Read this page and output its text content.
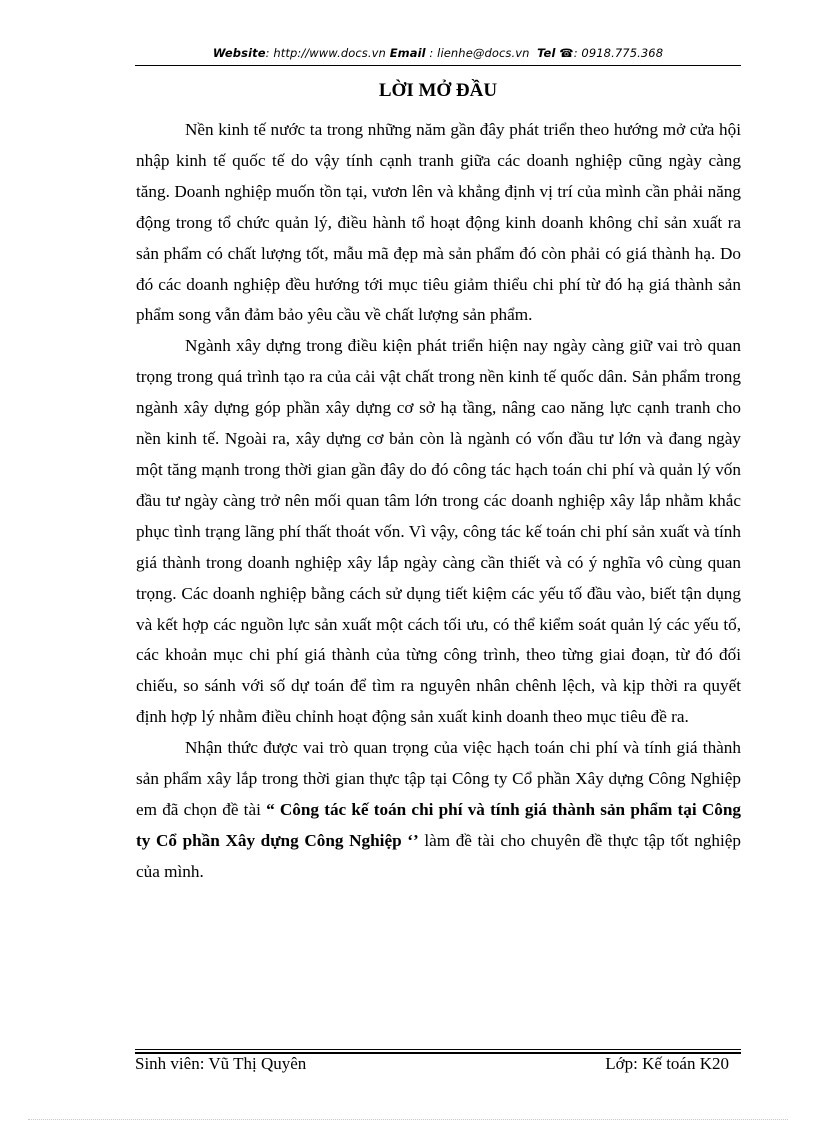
Website: http://www.docs.vn Email : lienhe@docs.vn Tel ☎: 0918.775.368
LỜI MỞ ĐẦU

Nền kinh tế nước ta trong những năm gần đây phát triển theo hướng mở cửa hội nhập kinh tế quốc tế do vậy tính cạnh tranh giữa các doanh nghiệp cũng ngày càng tăng. Doanh nghiệp muốn tồn tại, vươn lên và khẳng định vị trí của mình cần phải năng động trong tổ chức quản lý, điều hành tổ hoạt động kinh doanh không chỉ sản xuất ra sản phẩm có chất lượng tốt, mẫu mã đẹp mà sản phẩm đó còn phải có giá thành hạ. Do đó các doanh nghiệp đều hướng tới mục tiêu giảm thiểu chi phí từ đó hạ giá thành sản phẩm song vẫn đảm bảo yêu cầu về chất lượng sản phẩm.

Ngành xây dựng trong điều kiện phát triển hiện nay ngày càng giữ vai trò quan trọng trong quá trình tạo ra của cải vật chất trong nền kinh tế quốc dân. Sản phẩm trong ngành xây dựng góp phần xây dựng cơ sở hạ tầng, nâng cao năng lực cạnh tranh cho nền kinh tế. Ngoài ra, xây dựng cơ bản còn là ngành có vốn đầu tư lớn và đang ngày một tăng mạnh trong thời gian gần đây do đó công tác hạch toán chi phí và quản lý vốn đầu tư ngày càng trở nên mối quan tâm lớn trong các doanh nghiệp xây lắp nhằm khắc phục tình trạng lãng phí thất thoát vốn. Vì vậy, công tác kế toán chi phí sản xuất và tính giá thành trong doanh nghiệp xây lắp ngày càng cần thiết và có ý nghĩa vô cùng quan trọng. Các doanh nghiệp bằng cách sử dụng tiết kiệm các yếu tố đầu vào, biết tận dụng và kết hợp các nguồn lực sản xuất một cách tối ưu, có thể kiểm soát quản lý các yếu tố, các khoản mục chi phí giá thành của từng công trình, theo từng giai đoạn, từ đó đối chiếu, so sánh với số dự toán để tìm ra nguyên nhân chênh lệch, và kịp thời ra quyết định hợp lý nhằm điều chỉnh hoạt động sản xuất kinh doanh theo mục tiêu đề ra.

Nhận thức được vai trò quan trọng của việc hạch toán chi phí và tính giá thành sản phẩm xây lắp trong thời gian thực tập tại Công ty Cổ phần Xây dựng Công Nghiệp em đã chọn đề tài “ Công tác kế toán chi phí và tính giá thành sản phẩm tại Công ty Cổ phần Xây dựng Công Nghiệp ‘’ làm đề tài cho chuyên đề thực tập tốt nghiệp của mình.

Sinh viên: Vũ Thị Quyên	Lớp: Kế toán K20
